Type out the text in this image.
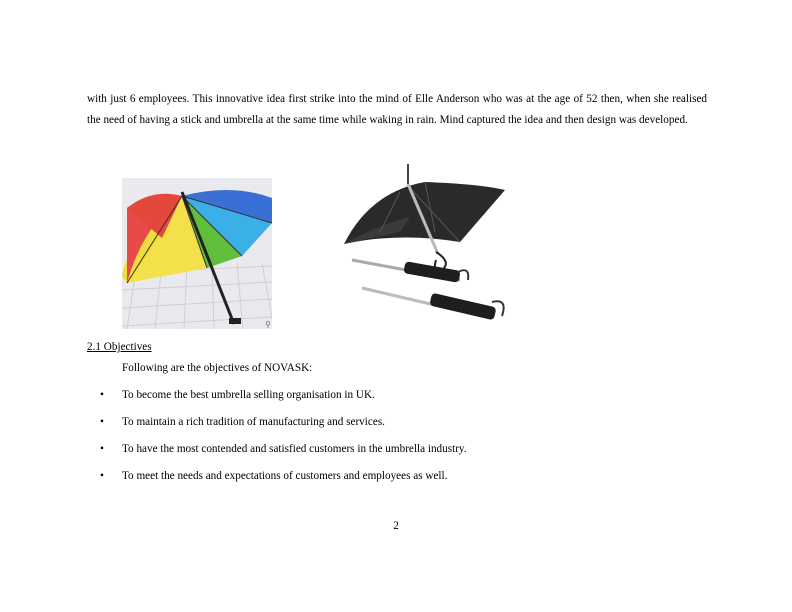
with just 6 employees. This innovative idea first strike into the mind of Elle Anderson who was at the age of 52 then, when she realised the need of having a stick and umbrella at the same time while waking in rain. Mind captured the idea and then design was developed.

⚲
2.1 Objectives
Following are the objectives of NOVASK:
•	To become the best umbrella selling organisation in UK.
•	To maintain a rich tradition of manufacturing and services.
•	To have the most contended and satisfied customers in the umbrella industry.
•	To meet the needs and expectations of customers and employees as well.
2
